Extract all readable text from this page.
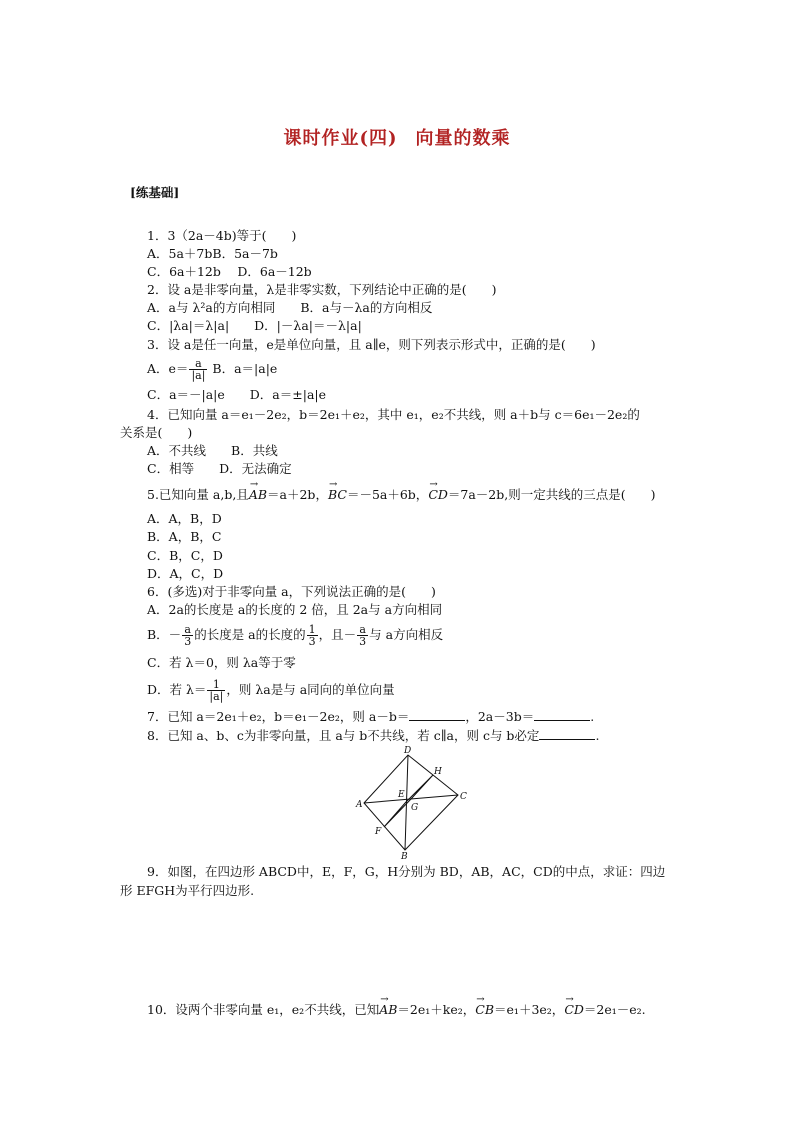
课时作业(四) 向量的数乘
[练基础]
1．3（2a－4b)等于(　　)
A．5a＋7bB．5a－7b
C．6a＋12b　 D．6a－12b
2．设 a是非零向量，λ是非零实数，下列结论中正确的是(　　)
A．a与 λ²a的方向相同　　B．a与－λa的方向相反
C．|λa|＝λ|a|　　D．|－λa|＝－λ|a|
3．设 a是任一向量，e是单位向量，且 a∥e，则下列表示形式中，正确的是(　　)
A．$e= \frac{a}{|a|}$ B．a＝|a|e
C．a＝－|a|e　　D．a＝±|a|e
4．已知向量 a＝e₁－2e₂，b＝2e₁＋e₂，其中 e₁，e₂不共线，则 a＋b与 c＝6e₁－2e₂的
关系是(　　)
A．不共线　　B．共线
C．相等　　D．无法确定
5.已知向量 a,b,且→ AB＝a＋2b，→ BC＝－5a＋6b，→ CD＝7a－2b,则一定共线的三点是(　　)
A．A，B，D
B．A，B，C
C．B，C，D
D．A，C，D
6．(多选)对于非零向量 a，下列说法正确的是(　　)
A．2a的长度是 a的长度的 2 倍，且 2a与 a方向相同
B．－ $\frac{a}{3}$ 的长度是 a的长度的 $\frac{1}{3}$ ，且－ $\frac{a}{3}$ 与 a方向相反
C．若 λ＝0，则 λa等于零
D．若 $\lambda= \frac{1}{|a|}$ ，则 λa是与 a同向的单位向量
7．已知 a＝2e₁＋e₂，b＝e₁－2e₂，则 a－b＝	，2a－3b＝	.
8．已知 a、b、c为非零向量，且 a与 b不共线，若 c∥a，则 c与 b必定	.
D
H
E
A	G
C
F
B
9．如图，在四边形 ABCD中，E，F，G，H分别为 BD，AB，AC，CD的中点，求证：四边
形 EFGH为平行四边形.
10．设两个非零向量 e₁，e₂不共线，已知→ AB＝2e₁＋ke₂，→ CB＝e₁＋3e₂，→ CD＝2e₁－e₂.
